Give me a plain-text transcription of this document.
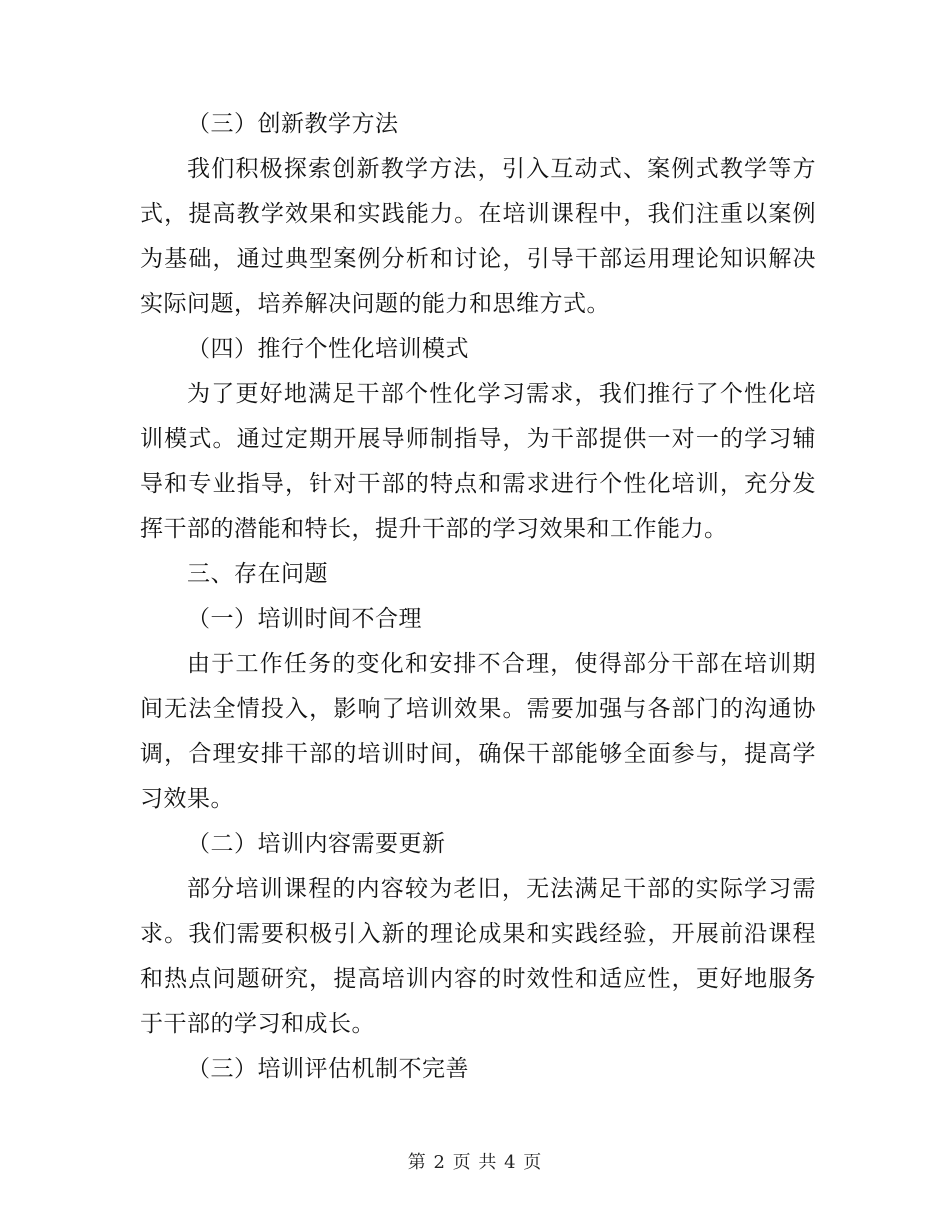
（三）创新教学方法

我们积极探索创新教学方法，引入互动式、案例式教学等方

式，提高教学效果和实践能力。在培训课程中，我们注重以案例

为基础，通过典型案例分析和讨论，引导干部运用理论知识解决

实际问题，培养解决问题的能力和思维方式。

（四）推行个性化培训模式

为了更好地满足干部个性化学习需求，我们推行了个性化培

训模式。通过定期开展导师制指导，为干部提供一对一的学习辅

导和专业指导，针对干部的特点和需求进行个性化培训，充分发

挥干部的潜能和特长，提升干部的学习效果和工作能力。

三、存在问题

（一）培训时间不合理

由于工作任务的变化和安排不合理，使得部分干部在培训期

间无法全情投入，影响了培训效果。需要加强与各部门的沟通协

调，合理安排干部的培训时间，确保干部能够全面参与，提高学

习效果。

（二）培训内容需要更新

部分培训课程的内容较为老旧，无法满足干部的实际学习需

求。我们需要积极引入新的理论成果和实践经验，开展前沿课程

和热点问题研究，提高培训内容的时效性和适应性，更好地服务

于干部的学习和成长。

（三）培训评估机制不完善

第 2 页 共 4 页
